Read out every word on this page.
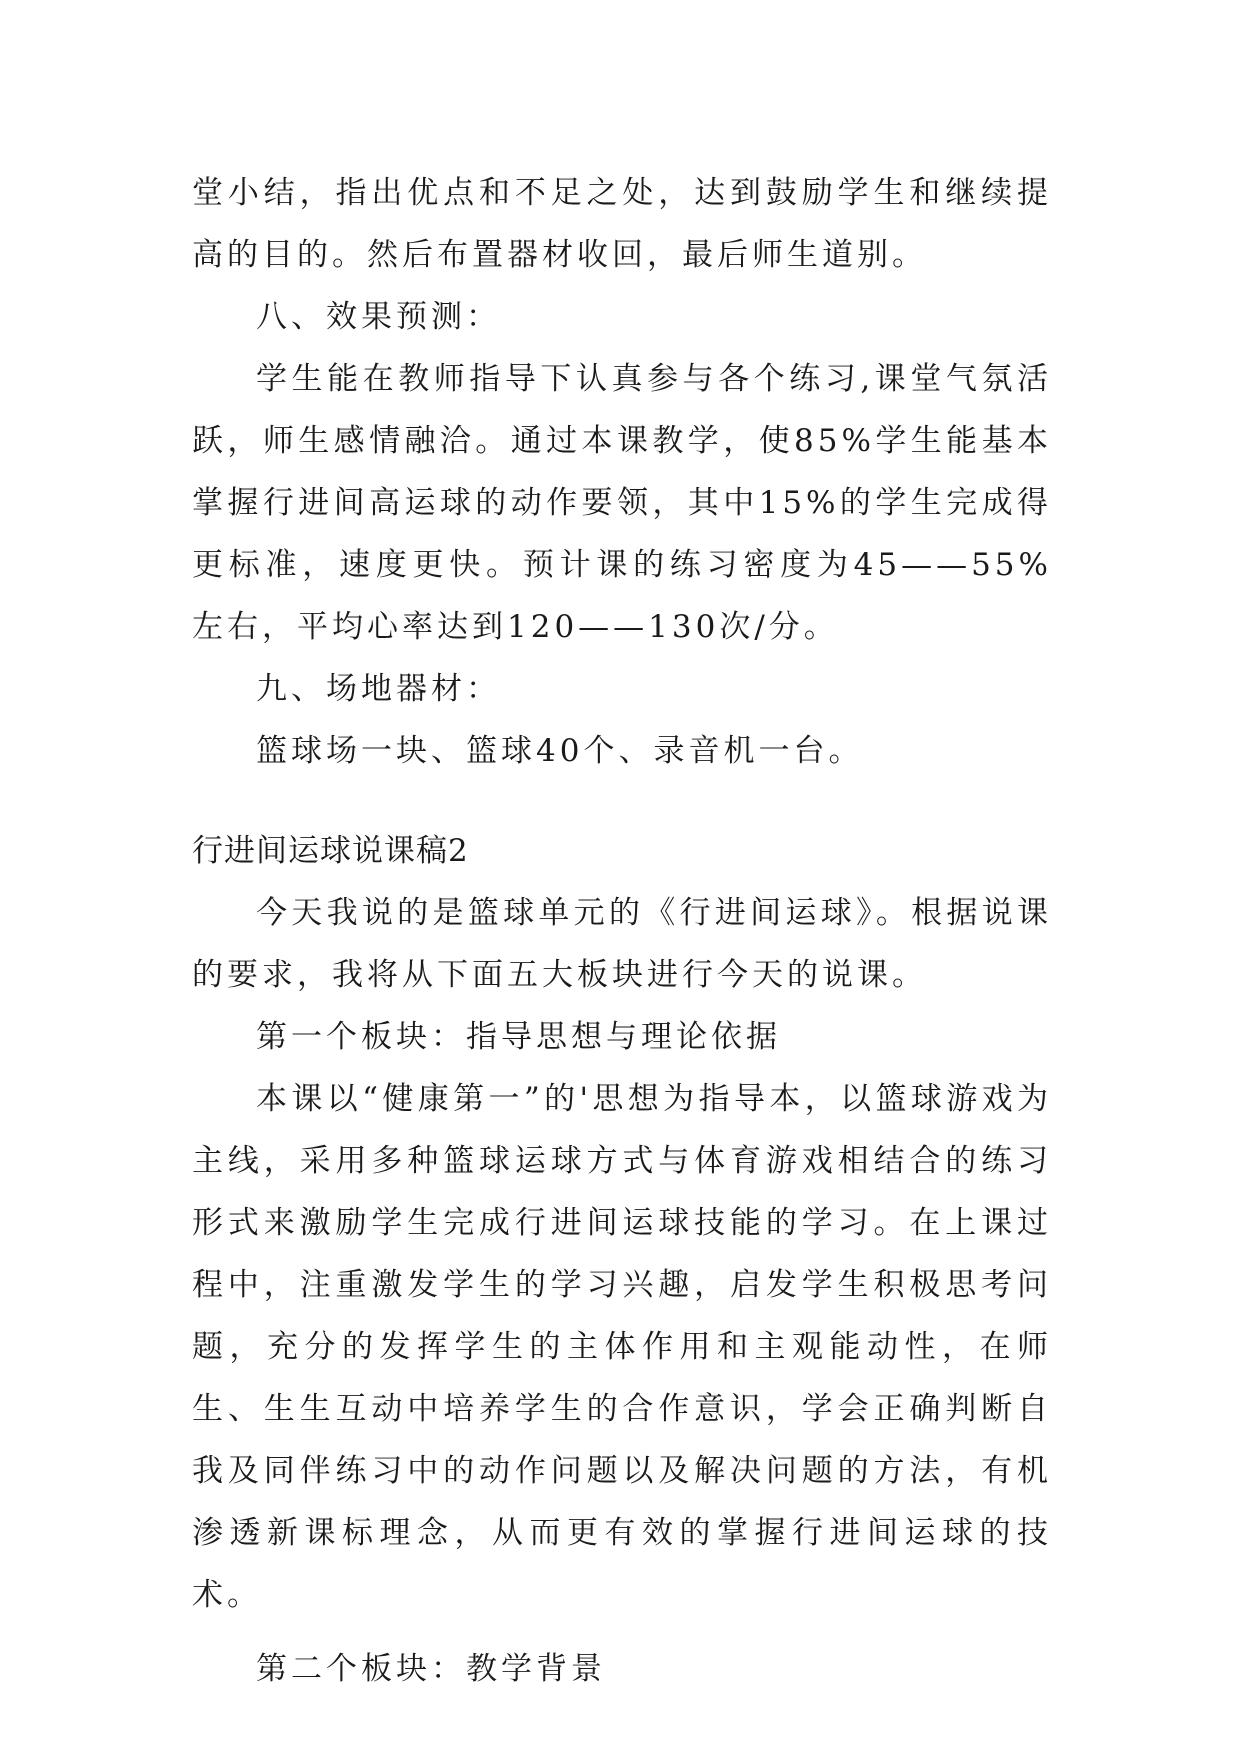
堂小结，指出优点和不足之处，达到鼓励学生和继续提高的目的。然后布置器材收回，最后师生道别。

八、效果预测：

学生能在教师指导下认真参与各个练习,课堂气氛活跃，师生感情融洽。通过本课教学，使85%学生能基本掌握行进间高运球的动作要领，其中15%的学生完成得更标准，速度更快。预计课的练习密度为45——55%左右，平均心率达到120——130次/分。

九、场地器材：

篮球场一块、篮球40个、录音机一台。

行进间运球说课稿2

今天我说的是篮球单元的《行进间运球》。根据说课的要求，我将从下面五大板块进行今天的说课。

第一个板块：指导思想与理论依据

本课以“健康第一”的'思想为指导本，以篮球游戏为主线，采用多种篮球运球方式与体育游戏相结合的练习形式来激励学生完成行进间运球技能的学习。在上课过程中，注重激发学生的学习兴趣，启发学生积极思考问题，充分的发挥学生的主体作用和主观能动性，在师生、生生互动中培养学生的合作意识，学会正确判断自我及同伴练习中的动作问题以及解决问题的方法，有机渗透新课标理念，从而更有效的掌握行进间运球的技术。

第二个板块：教学背景
